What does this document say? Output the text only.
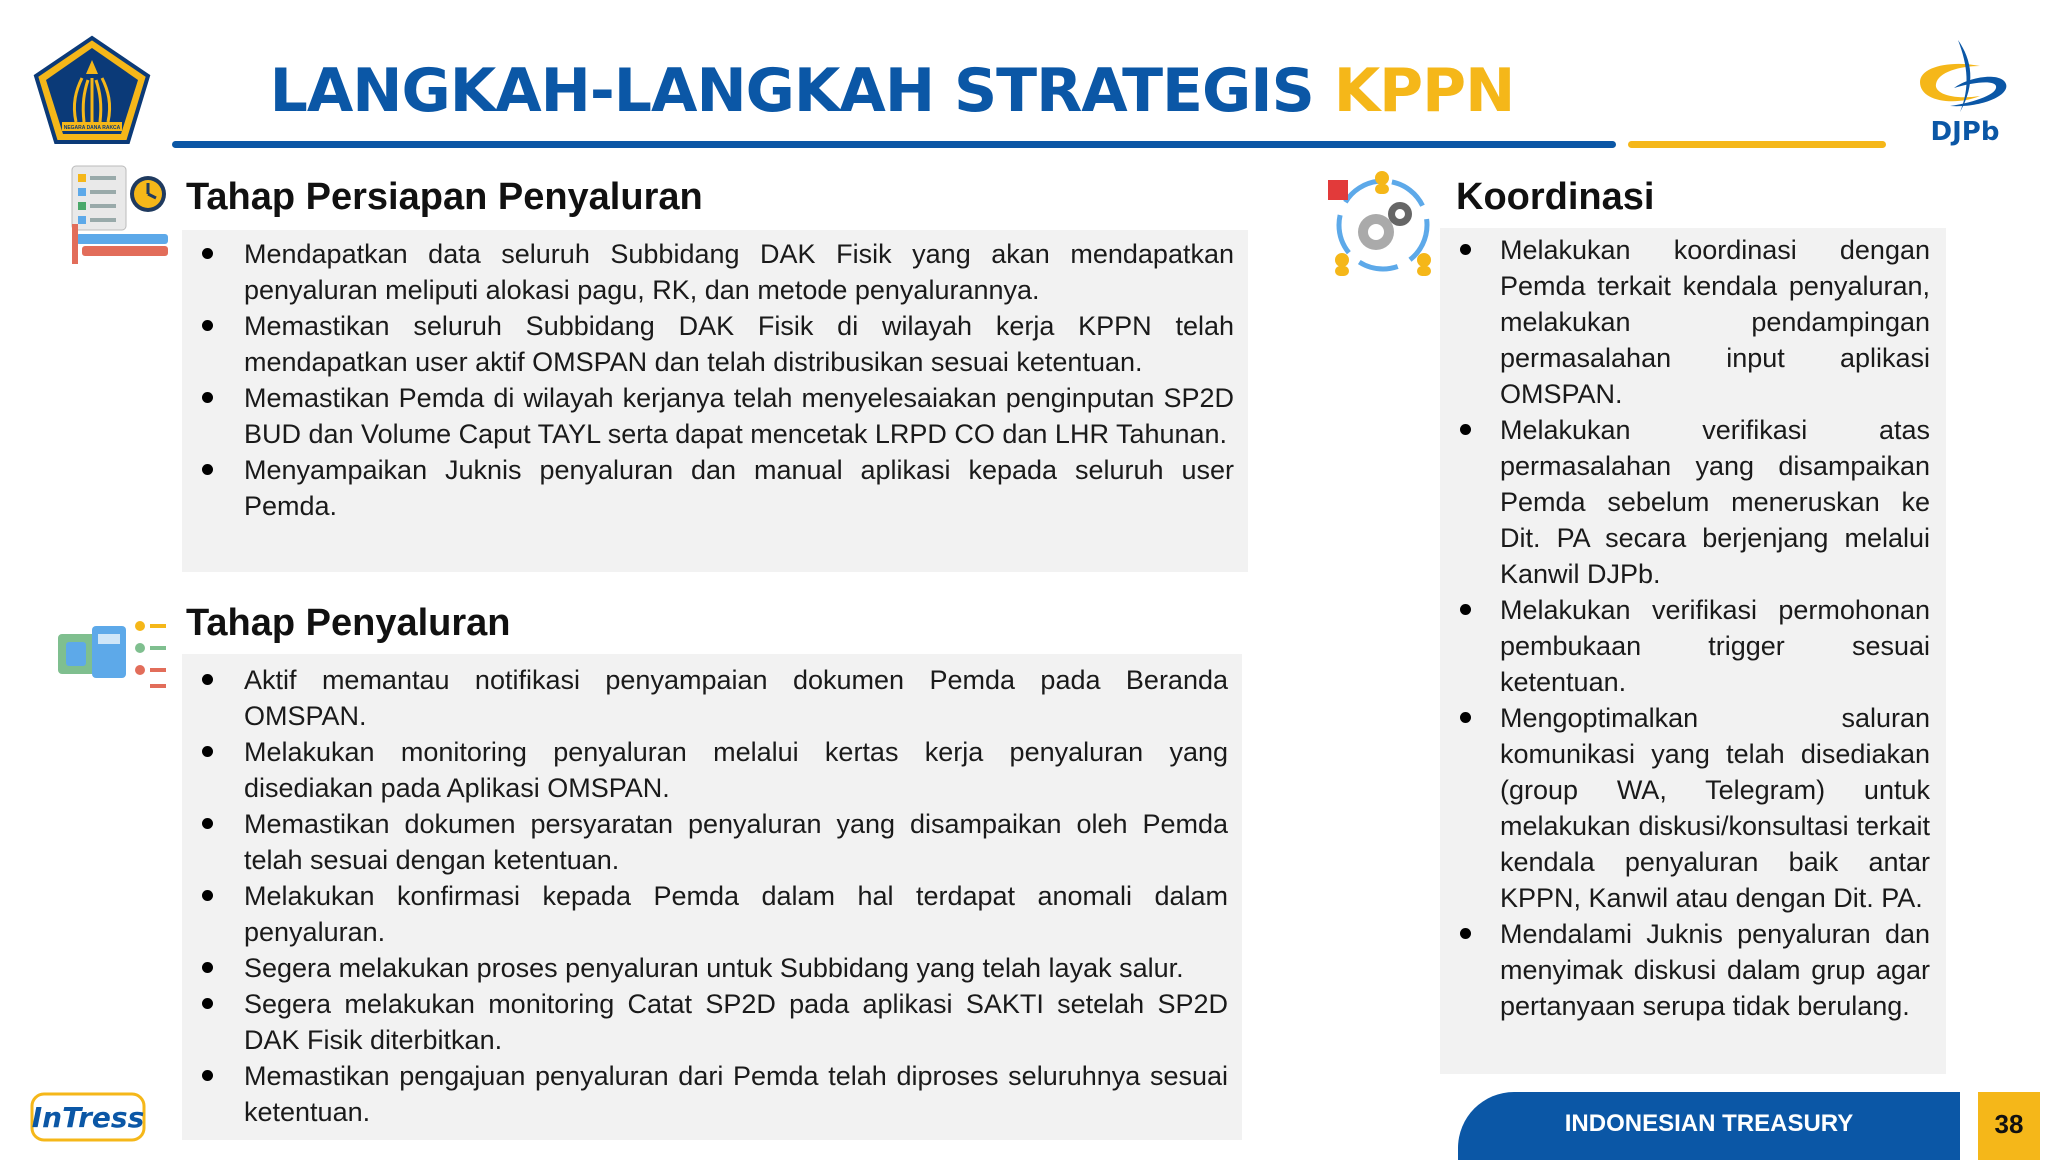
NEGARA DANA RAKCA
LANGKAH-LANGKAH STRATEGIS KPPN
DJPb
Tahap Persiapan Penyaluran
Mendapatkan data seluruh Subbidang DAK Fisik yang akan mendapatkan penyaluran meliputi alokasi pagu, RK, dan metode penyalurannya.
Memastikan seluruh Subbidang DAK Fisik di wilayah kerja KPPN telah mendapatkan user aktif OMSPAN dan telah distribusikan sesuai ketentuan.
Memastikan Pemda di wilayah kerjanya telah menyelesaiakan penginputan SP2D BUD dan Volume Caput TAYL serta dapat mencetak LRPD CO dan LHR Tahunan.
Menyampaikan Juknis penyaluran dan manual aplikasi kepada seluruh user Pemda.
Tahap Penyaluran
Aktif memantau notifikasi penyampaian dokumen Pemda pada Beranda OMSPAN.
Melakukan monitoring penyaluran melalui kertas kerja penyaluran yang disediakan pada Aplikasi OMSPAN.
Memastikan dokumen persyaratan penyaluran yang disampaikan oleh Pemda telah sesuai dengan ketentuan.
Melakukan konfirmasi kepada Pemda dalam hal terdapat anomali dalam penyaluran.
Segera melakukan proses penyaluran untuk Subbidang yang telah layak salur.
Segera melakukan monitoring Catat SP2D pada aplikasi SAKTI setelah SP2D DAK Fisik diterbitkan.
Memastikan pengajuan penyaluran dari Pemda telah diproses seluruhnya sesuai ketentuan.
Koordinasi
Melakukan koordinasi dengan Pemda terkait kendala penyaluran, melakukan pendampingan permasalahan input aplikasi OMSPAN.
Melakukan verifikasi atas permasalahan yang disampaikan Pemda sebelum meneruskan ke Dit. PA secara berjenjang melalui Kanwil DJPb.
Melakukan verifikasi permohonan pembukaan trigger sesuai ketentuan.
Mengoptimalkan saluran komunikasi yang telah disediakan (group WA, Telegram) untuk melakukan diskusi/konsultasi terkait kendala penyaluran baik antar KPPN, Kanwil atau dengan Dit. PA.
Mendalami Juknis penyaluran dan menyimak diskusi dalam grup agar pertanyaan serupa tidak berulang.
InTress	INDONESIAN TREASURY	38
